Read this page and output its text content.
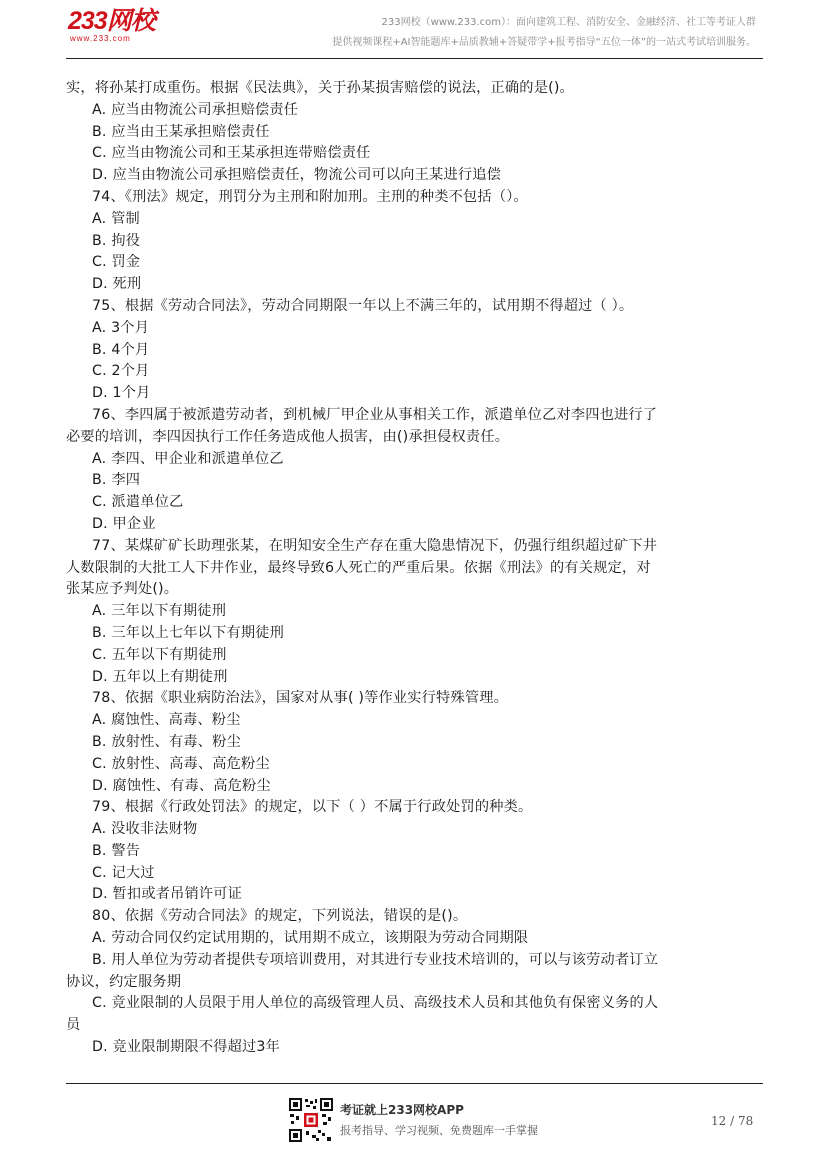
233网校
www.233.com
233网校（www.233.com）：面向建筑工程、消防安全、金融经济、社工等考证人群
提供视频课程+AI智能题库+品质教辅+答疑带学+报考指导“五位一体”的一站式考试培训服务。
实，将孙某打成重伤。根据《民法典》，关于孙某损害赔偿的说法，正确的是()。
A. 应当由物流公司承担赔偿责任
B. 应当由王某承担赔偿责任
C. 应当由物流公司和王某承担连带赔偿责任
D. 应当由物流公司承担赔偿责任，物流公司可以向王某进行追偿
74、《刑法》规定，刑罚分为主刑和附加刑。主刑的种类不包括（）。
A. 管制
B. 拘役
C. 罚金
D. 死刑
75、根据《劳动合同法》，劳动合同期限一年以上不满三年的，试用期不得超过（ ）。
A. 3个月
B. 4个月
C. 2个月
D. 1个月
76、李四属于被派遣劳动者，到机械厂甲企业从事相关工作，派遣单位乙对李四也进行了
必要的培训，李四因执行工作任务造成他人损害，由()承担侵权责任。
A. 李四、甲企业和派遣单位乙
B. 李四
C. 派遣单位乙
D. 甲企业
77、某煤矿矿长助理张某，在明知安全生产存在重大隐患情况下，仍强行组织超过矿下井
人数限制的大批工人下井作业，最终导致6人死亡的严重后果。依据《刑法》的有关规定，对
张某应予判处()。
A. 三年以下有期徒刑
B. 三年以上七年以下有期徒刑
C. 五年以下有期徒刑
D. 五年以上有期徒刑
78、依据《职业病防治法》，国家对从事( )等作业实行特殊管理。
A. 腐蚀性、高毒、粉尘
B. 放射性、有毒、粉尘
C. 放射性、高毒、高危粉尘
D. 腐蚀性、有毒、高危粉尘
79、根据《行政处罚法》的规定，以下（ ）不属于行政处罚的种类。
A. 没收非法财物
B. 警告
C. 记大过
D. 暂扣或者吊销许可证
80、依据《劳动合同法》的规定，下列说法，错误的是()。
A. 劳动合同仅约定试用期的，试用期不成立，该期限为劳动合同期限
B. 用人单位为劳动者提供专项培训费用，对其进行专业技术培训的，可以与该劳动者订立
协议，约定服务期
C. 竞业限制的人员限于用人单位的高级管理人员、高级技术人员和其他负有保密义务的人
员
D. 竞业限制期限不得超过3年
考证就上233网校APP
报考指导、学习视频、免费题库一手掌握
12 / 78
